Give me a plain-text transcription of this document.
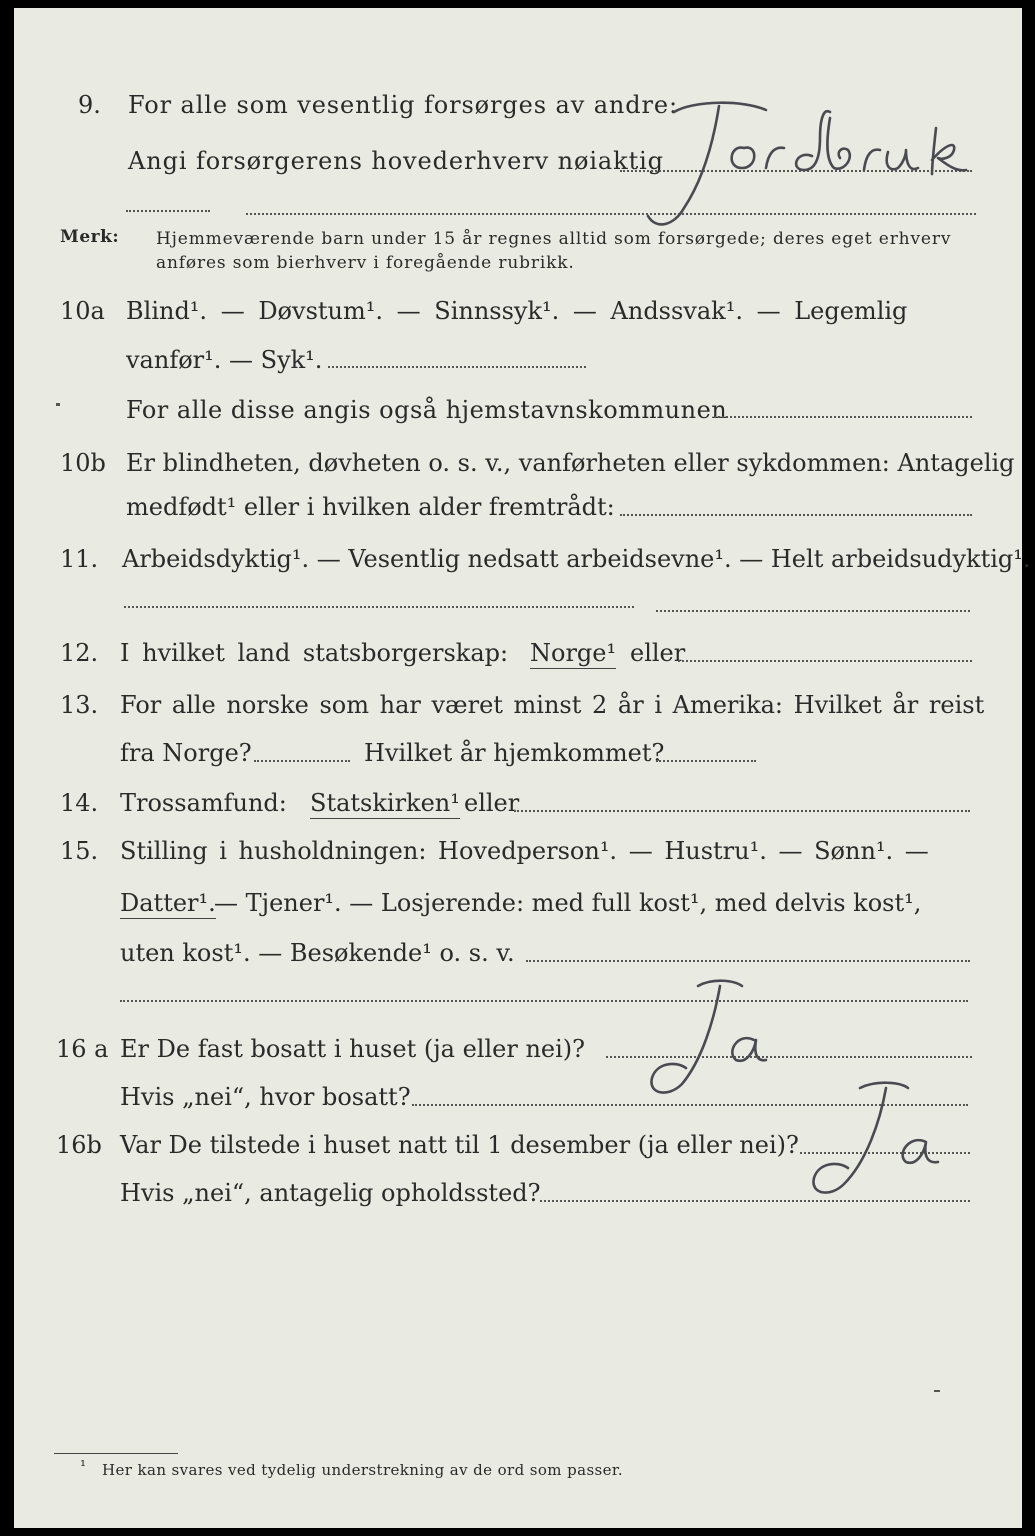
9. For alle som vesentlig forsørges av andre:
Angi forsørgerens hovederhverv nøiaktig
Merk: Hjemmeværende barn under 15 år regnes alltid som forsørgede; deres eget erhverv
anføres som bierhverv i foregående rubrikk.
10a Blind¹. — Døvstum¹. — Sinnssyk¹. — Andssvak¹. — Legemlig
vanfør¹. — Syk¹.
For alle disse angis også hjemstavnskommunen
10b Er blindheten, døvheten o. s. v., vanførheten eller sykdommen: Antagelig
medfødt¹ eller i hvilken alder fremtrådt:
11. Arbeidsdyktig¹. — Vesentlig nedsatt arbeidsevne¹. — Helt arbeidsudyktig¹.
12. I hvilket land statsborgerskap: Norge¹ eller
13. For alle norske som har været minst 2 år i Amerika: Hvilket år reist
fra Norge?	Hvilket år hjemkommet?
14. Trossamfund: Statskirken¹ eller
15. Stilling i husholdningen: Hovedperson¹. — Hustru¹. — Sønn¹. —
Datter¹.
— Tjener¹. — Losjerende: med full kost¹, med delvis kost¹,
uten kost¹. — Besøkende¹ o. s. v.
16 a Er De fast bosatt i huset (ja eller nei)?
Hvis „nei“, hvor bosatt?
16b Var De tilstede i huset natt til 1 desember (ja eller nei)?
Hvis „nei“, antagelig opholdssted?
¹ Her kan svares ved tydelig understrekning av de ord som passer.
